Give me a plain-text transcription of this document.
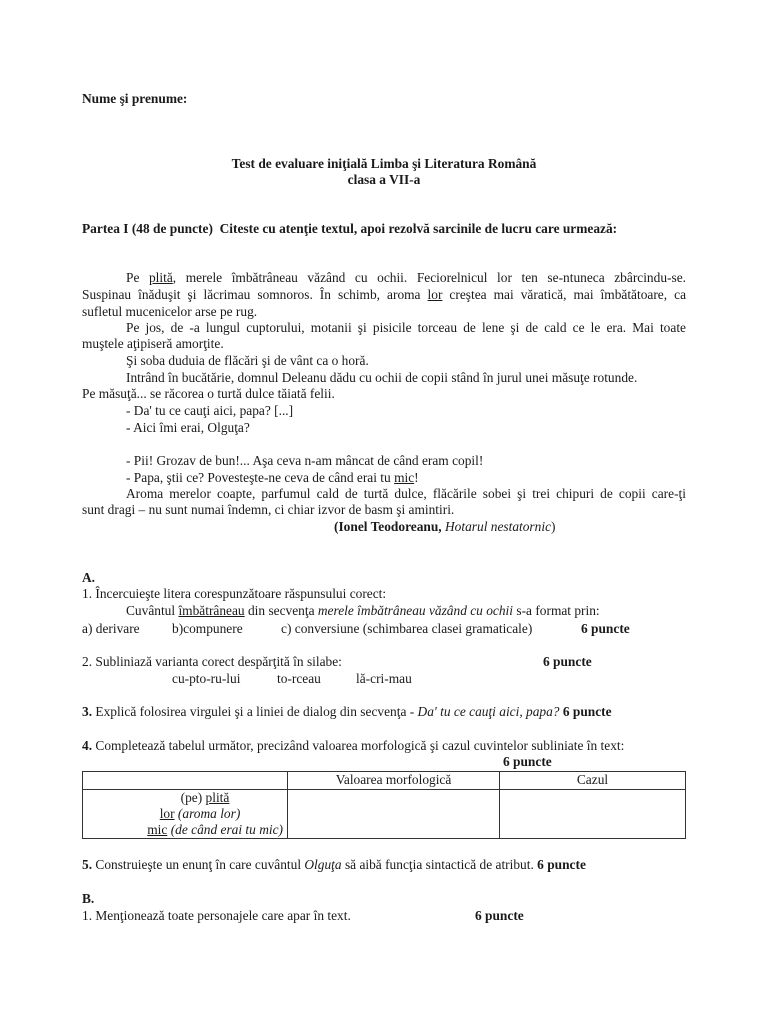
Nume şi prenume:
Test de evaluare iniţială Limba şi Literatura Română
clasa a VII-a
Partea I (48 de puncte) Citeste cu atenţie textul, apoi rezolvă sarcinile de lucru care urmează:
Pe plită, merele îmbătrâneau văzând cu ochii. Feciorelnicul lor ten se-ntuneca zbârcindu-se.
Suspinau înăduşit şi lăcrimau somnoros. În schimb, aroma lor creştea mai văratică, mai îmbătătoare, ca
sufletul mucenicelor arse pe rug.
Pe jos, de -a lungul cuptorului, motanii şi pisicile torceau de lene şi de cald ce le era. Mai toate
muştele aţipiseră amorţite.
Şi soba duduia de flăcări şi de vânt ca o horă.
Intrând în bucătărie, domnul Deleanu dădu cu ochii de copii stând în jurul unei măsuţe rotunde.
Pe măsuţă... se răcorea o turtă dulce tăiată felii.
- Da' tu ce cauţi aici, papa? [...]
- Aici îmi erai, Olguţa?
- Pii! Grozav de bun!... Aşa ceva n-am mâncat de când eram copil!
- Papa, ştii ce? Povesteşte-ne ceva de când erai tu mic!
Aroma merelor coapte, parfumul cald de turtă dulce, flăcările sobei şi trei chipuri de copii care-ţi
sunt dragi – nu sunt numai îndemn, ci chiar izvor de basm şi amintiri.
(Ionel Teodoreanu, Hotarul nestatornic)
A.
1. Încercuieşte litera corespunzătoare răspunsului corect:
Cuvântul îmbătrâneau din secvenţa merele îmbătrâneau văzând cu ochii s-a format prin:
a) derivare b)compunere	c) conversiune (schimbarea clasei gramaticale)	6 puncte
2. Subliniază varianta corect despărţită în silabe:	6 puncte
cu-pto-ru-lui	to-rceau	lă-cri-mau
3. Explică folosirea virgulei şi a liniei de dialog din secvenţa - Da' tu ce cauţi aici, papa? 6 puncte
4. Completează tabelul următor, precizând valoarea morfologică şi cazul cuvintelor subliniate în text:
6 puncte
	Valoarea morfologică	Cazul

(pe) plită
lor (aroma lor)
mic (de când erai tu mic)		

5. Construieşte un enunţ în care cuvântul Olguţa să aibă funcţia sintactică de atribut. 6 puncte
B.
1. Menţionează toate personajele care apar în text.	6 puncte
